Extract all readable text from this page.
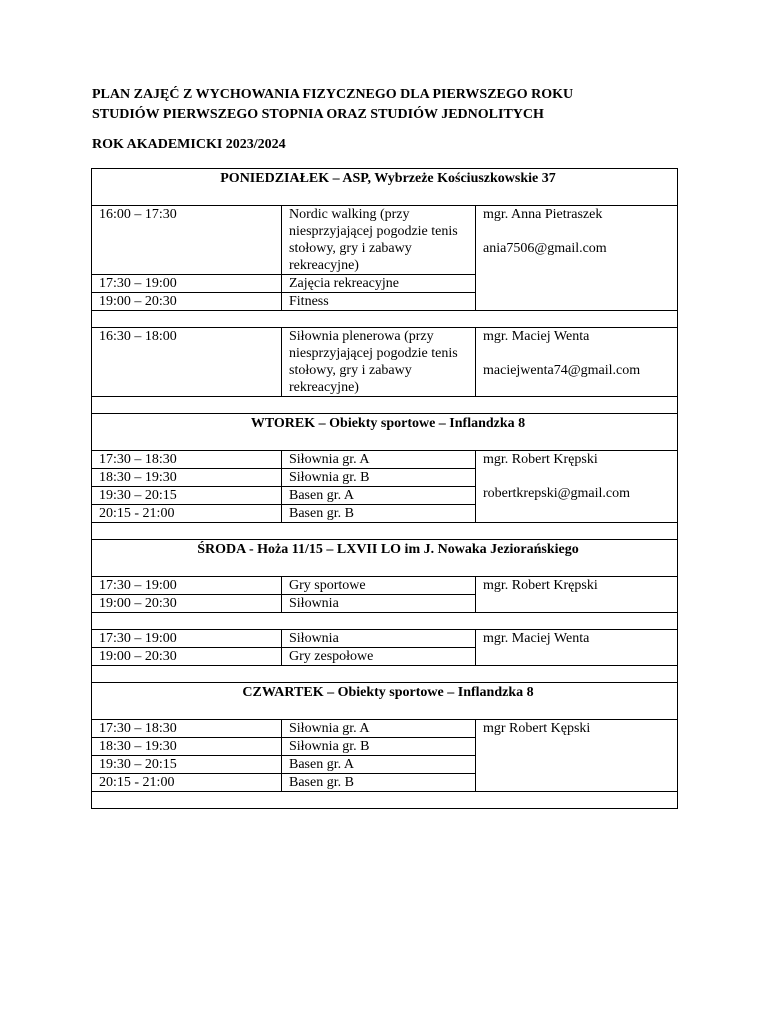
PLAN ZAJĘĆ Z WYCHOWANIA FIZYCZNEGO DLA PIERWSZEGO ROKU
STUDIÓW PIERWSZEGO STOPNIA ORAZ STUDIÓW JEDNOLITYCH
ROK AKADEMICKI 2023/2024
PONIEDZIAŁEK – ASP, Wybrzeże Kościuszkowskie 37		
16:00 – 17:30	Nordic walking (przy niesprzyjającej pogodzie tenis stołowy, gry i zabawy rekreacyjne)	mgr. Anna Pietraszek
ania7506@gmail.com

17:30 – 19:00	Zajęcia rekreacyjne	
19:00 – 20:30	Fitness	

16:30 – 18:00	Siłownia plenerowa (przy niesprzyjającej pogodzie tenis stołowy, gry i zabawy rekreacyjne)	mgr. Maciej Wenta
maciejwenta74@gmail.com

WTOREK – Obiekty sportowe – Inflandzka 8		
17:30 – 18:30	Siłownia gr. A	mgr. Robert Krępski
robertkrepski@gmail.com

18:30 – 19:30	Siłownia gr. B	
19:30 – 20:15	Basen gr. A	
20:15 - 21:00	Basen gr. B	

ŚRODA - Hoża 11/15 – LXVII LO im J. Nowaka Jeziorańskiego		
17:30 – 19:00	Gry sportowe	mgr. Robert Krępski

19:00 – 20:30	Siłownia	

17:30 – 19:00	Siłownia	mgr. Maciej Wenta

19:00 – 20:30	Gry zespołowe	

CZWARTEK – Obiekty sportowe – Inflandzka 8		
17:30 – 18:30	Siłownia gr. A	mgr Robert Kępski

18:30 – 19:30	Siłownia gr. B	
19:30 – 20:15	Basen gr. A	
20:15 - 21:00	Basen gr. B	
